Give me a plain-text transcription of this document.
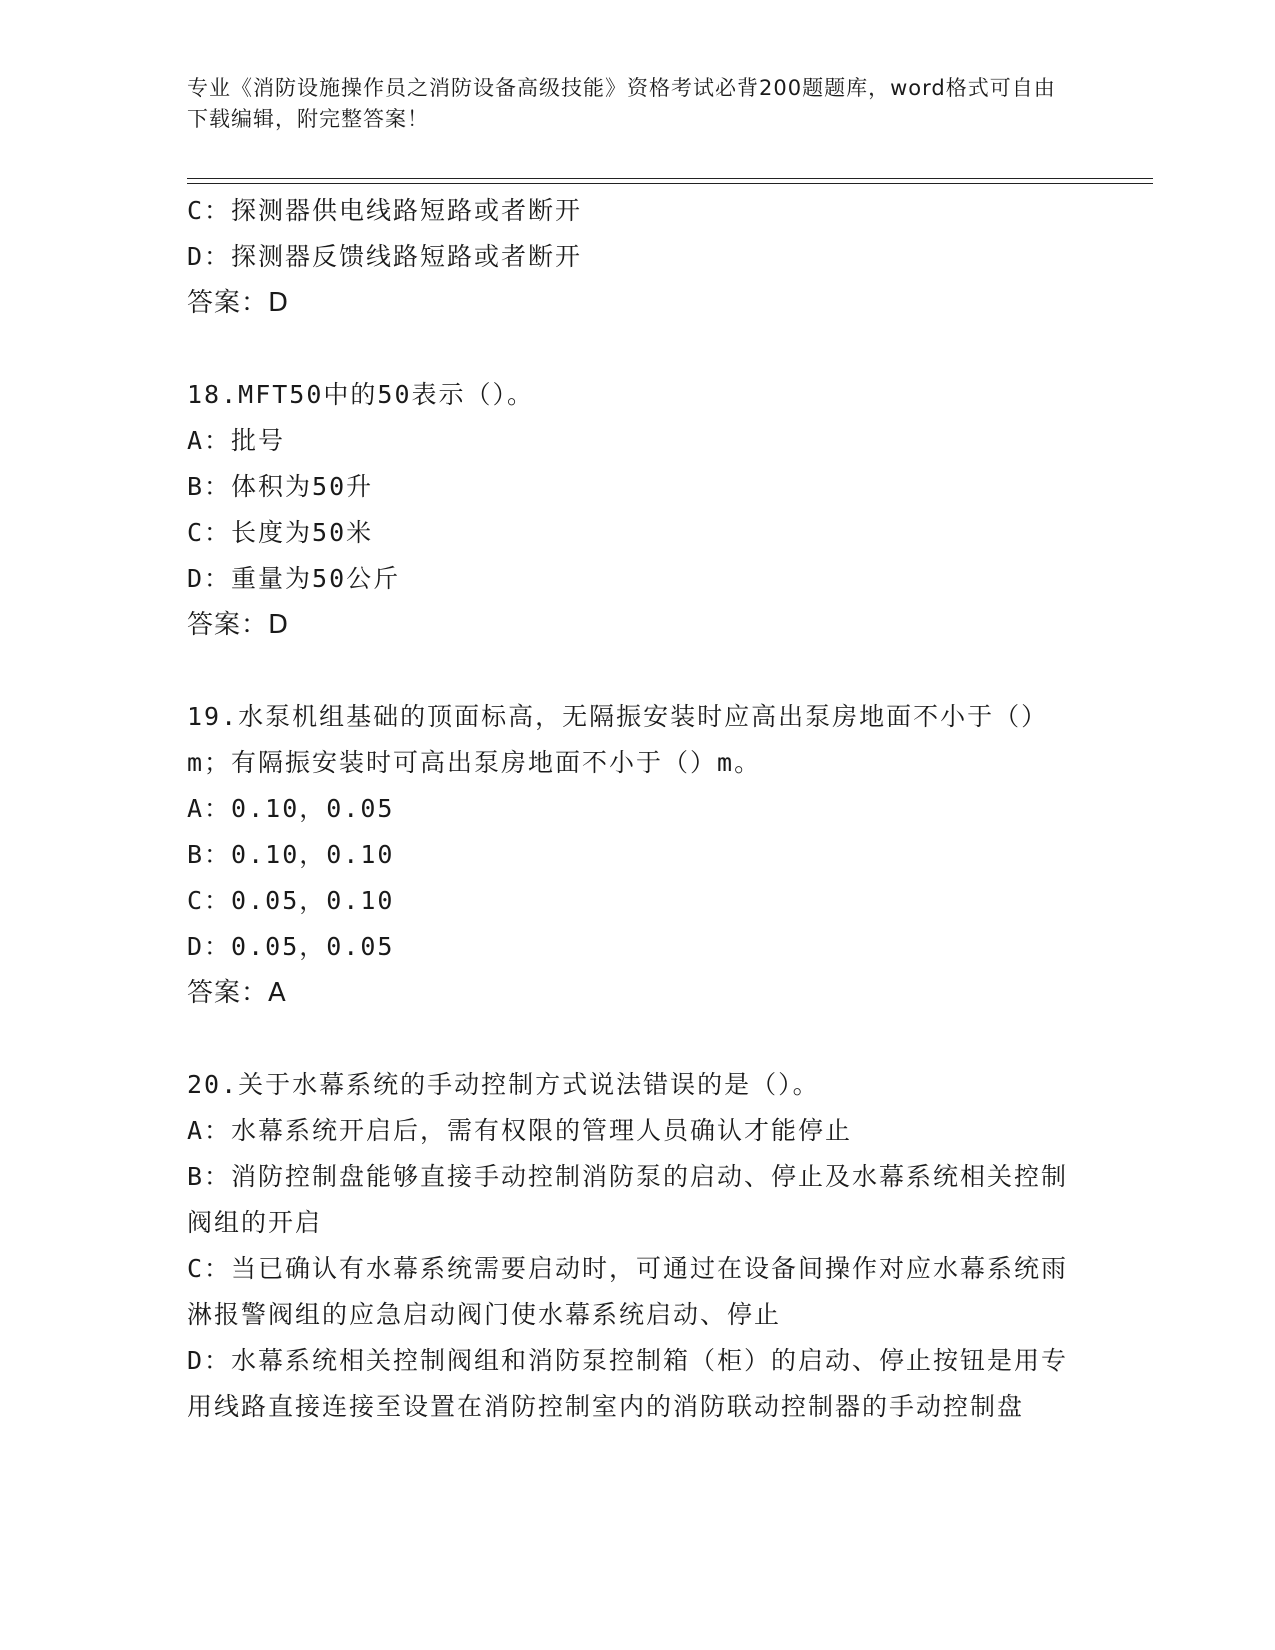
专业《消防设施操作员之消防设备高级技能》资格考试必背200题题库，word格式可自由下载编辑，附完整答案！

C：探测器供电线路短路或者断开
D：探测器反馈线路短路或者断开
答案：D
18.MFT50中的50表示（）。
A：批号
B：体积为50升
C：长度为50米
D：重量为50公斤
答案：D
19.水泵机组基础的顶面标高，无隔振安装时应高出泵房地面不小于（）m；有隔振安装时可高出泵房地面不小于（）m。
A：0.10，0.05
B：0.10，0.10
C：0.05，0.10
D：0.05，0.05
答案：A
20.关于水幕系统的手动控制方式说法错误的是（）。
A：水幕系统开启后，需有权限的管理人员确认才能停止
B：消防控制盘能够直接手动控制消防泵的启动、停止及水幕系统相关控制阀组的开启
C：当已确认有水幕系统需要启动时，可通过在设备间操作对应水幕系统雨淋报警阀组的应急启动阀门使水幕系统启动、停止
D：水幕系统相关控制阀组和消防泵控制箱（柜）的启动、停止按钮是用专用线路直接连接至设置在消防控制室内的消防联动控制器的手动控制盘
